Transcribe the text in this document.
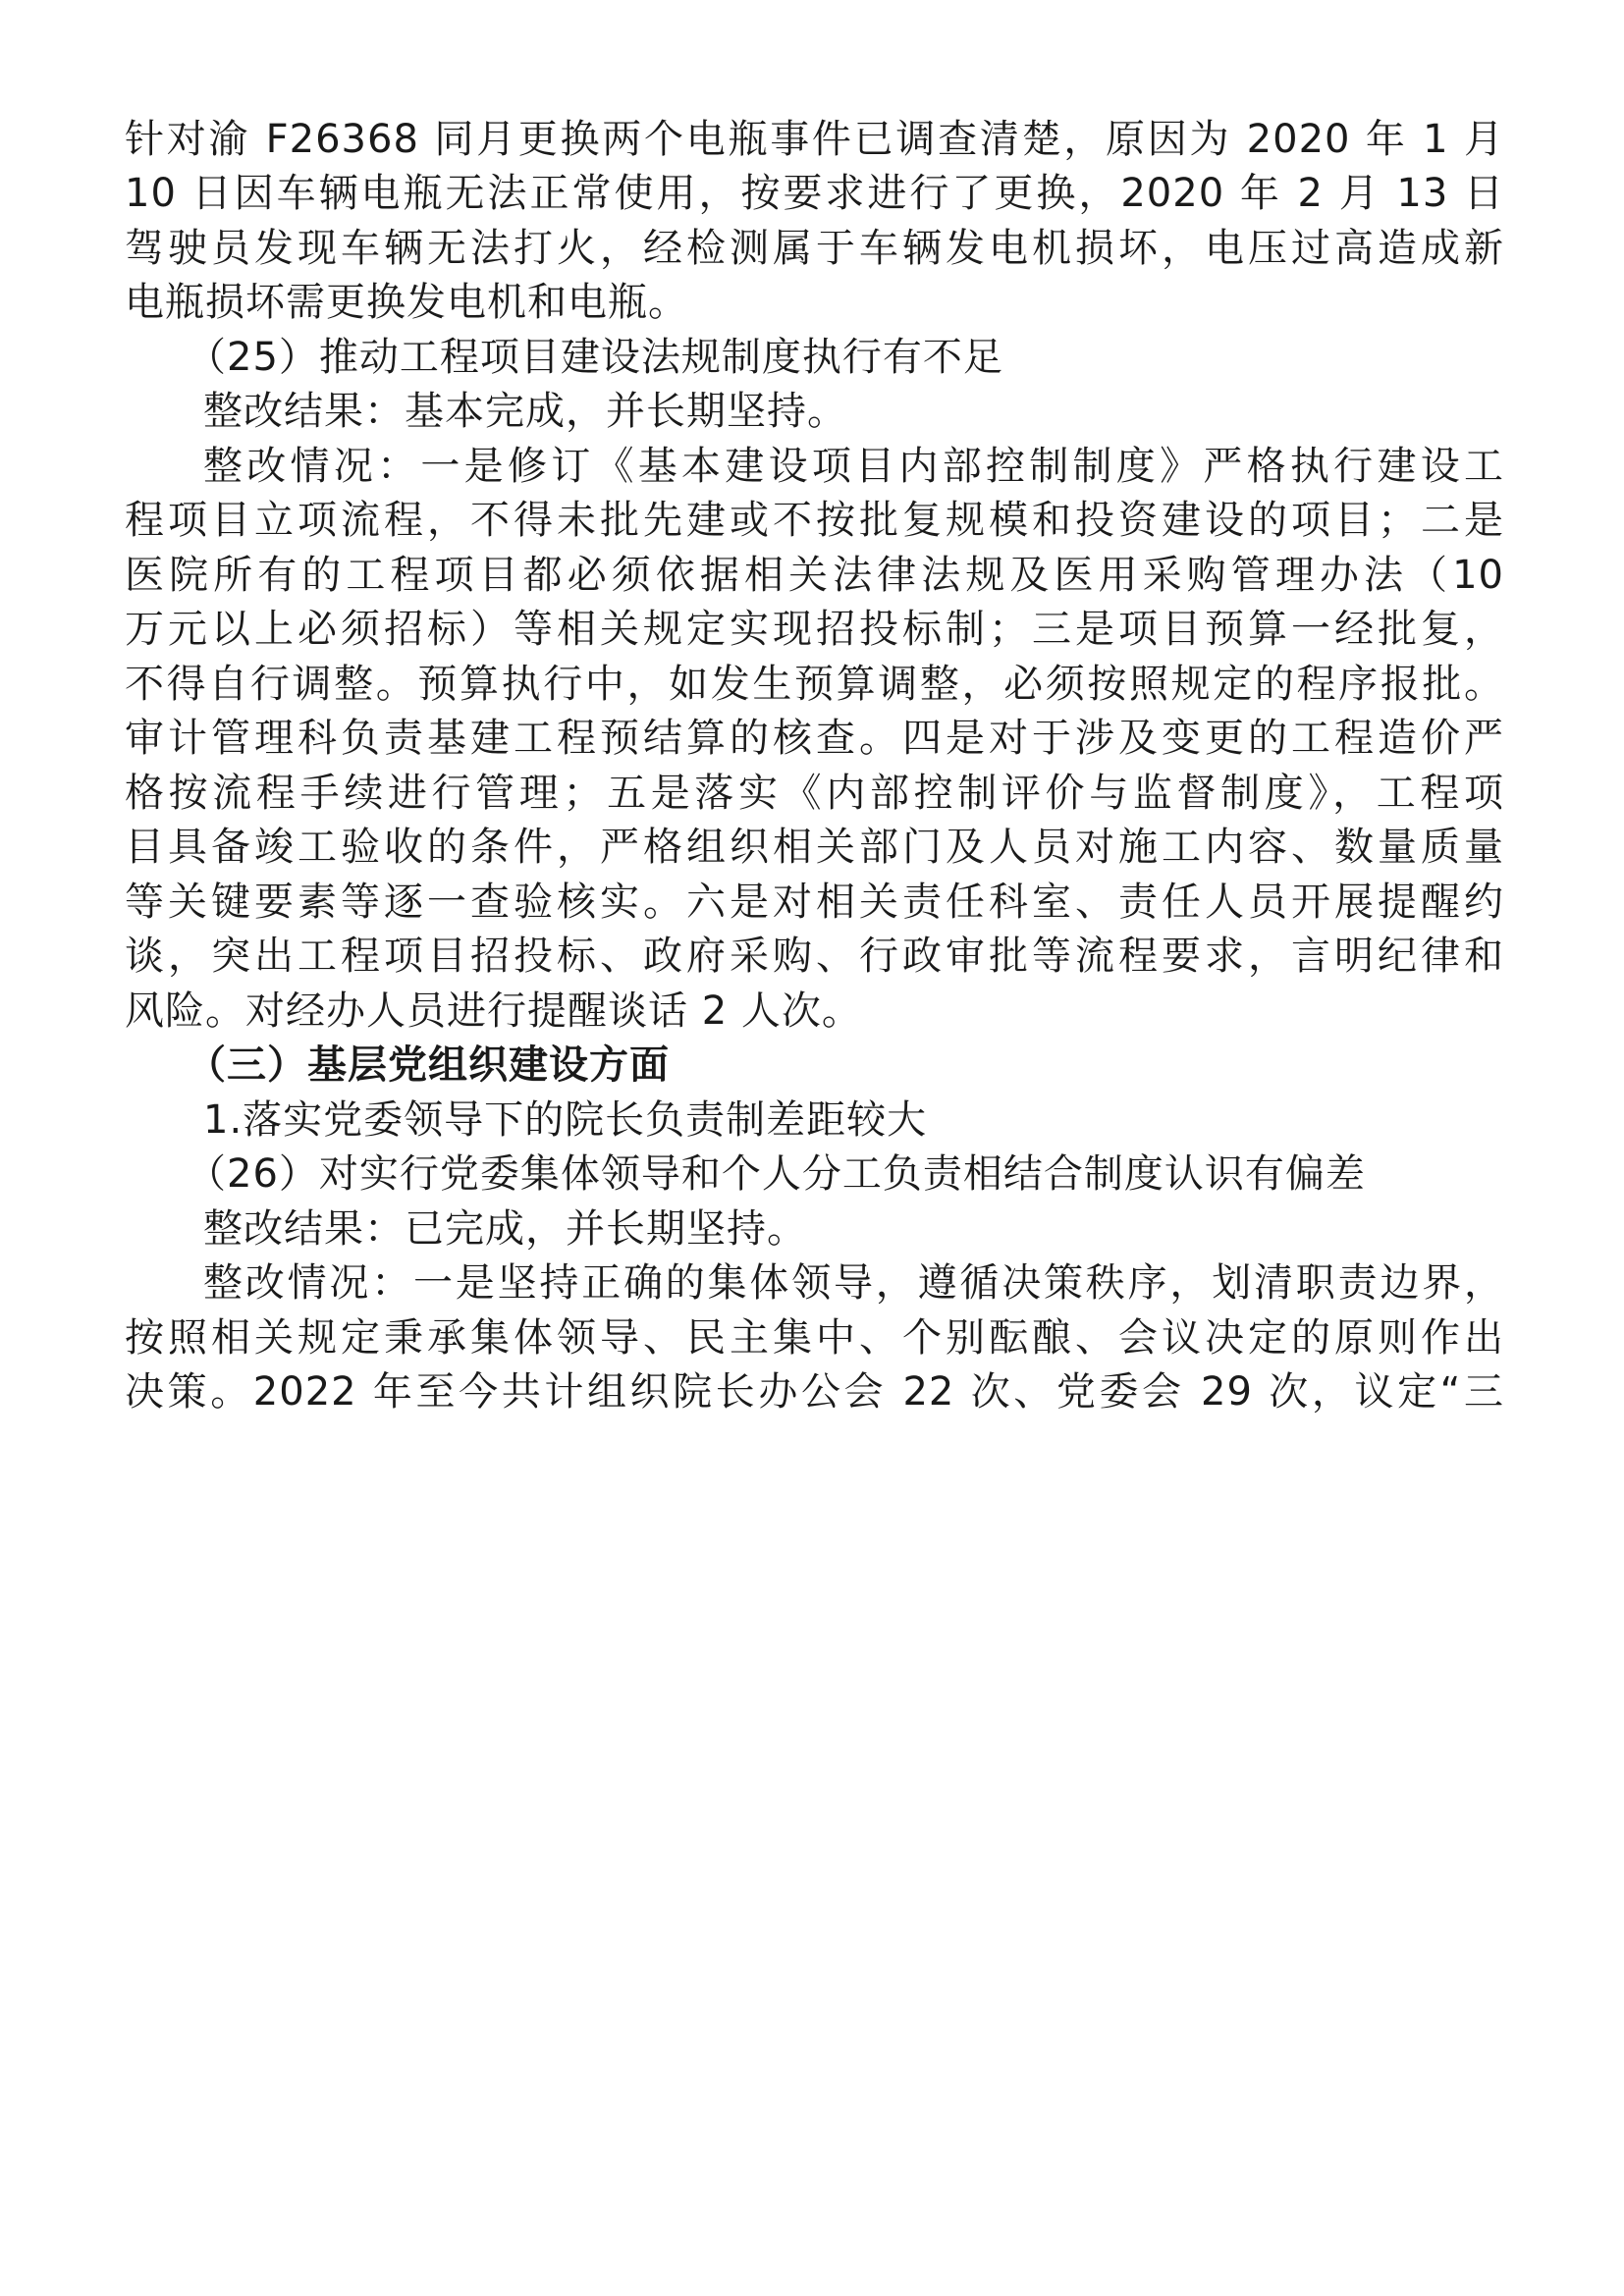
针对渝 F26368 同月更换两个电瓶事件已调查清楚，原因为 2020 年 1 月
10 日因车辆电瓶无法正常使用，按要求进行了更换，2020 年 2 月 13 日
驾驶员发现车辆无法打火，经检测属于车辆发电机损坏，电压过高造成新
电瓶损坏需更换发电机和电瓶。
（25）推动工程项目建设法规制度执行有不足
整改结果：基本完成，并长期坚持。
整改情况：一是修订《基本建设项目内部控制制度》严格执行建设工
程项目立项流程，不得未批先建或不按批复规模和投资建设的项目；二是
医院所有的工程项目都必须依据相关法律法规及医用采购管理办法（10
万元以上必须招标）等相关规定实现招投标制；三是项目预算一经批复，
不得自行调整。预算执行中，如发生预算调整，必须按照规定的程序报批。
审计管理科负责基建工程预结算的核查。四是对于涉及变更的工程造价严
格按流程手续进行管理；五是落实《内部控制评价与监督制度》，工程项
目具备竣工验收的条件，严格组织相关部门及人员对施工内容、数量质量
等关键要素等逐一查验核实。六是对相关责任科室、责任人员开展提醒约
谈，突出工程项目招投标、政府采购、行政审批等流程要求，言明纪律和
风险。对经办人员进行提醒谈话 2 人次。
（三）基层党组织建设方面
1.落实党委领导下的院长负责制差距较大
（26）对实行党委集体领导和个人分工负责相结合制度认识有偏差
整改结果：已完成，并长期坚持。
整改情况：一是坚持正确的集体领导，遵循决策秩序，划清职责边界，
按照相关规定秉承集体领导、民主集中、个别酝酿、会议决定的原则作出
决策。2022 年至今共计组织院长办公会 22 次、党委会 29 次，议定“三
